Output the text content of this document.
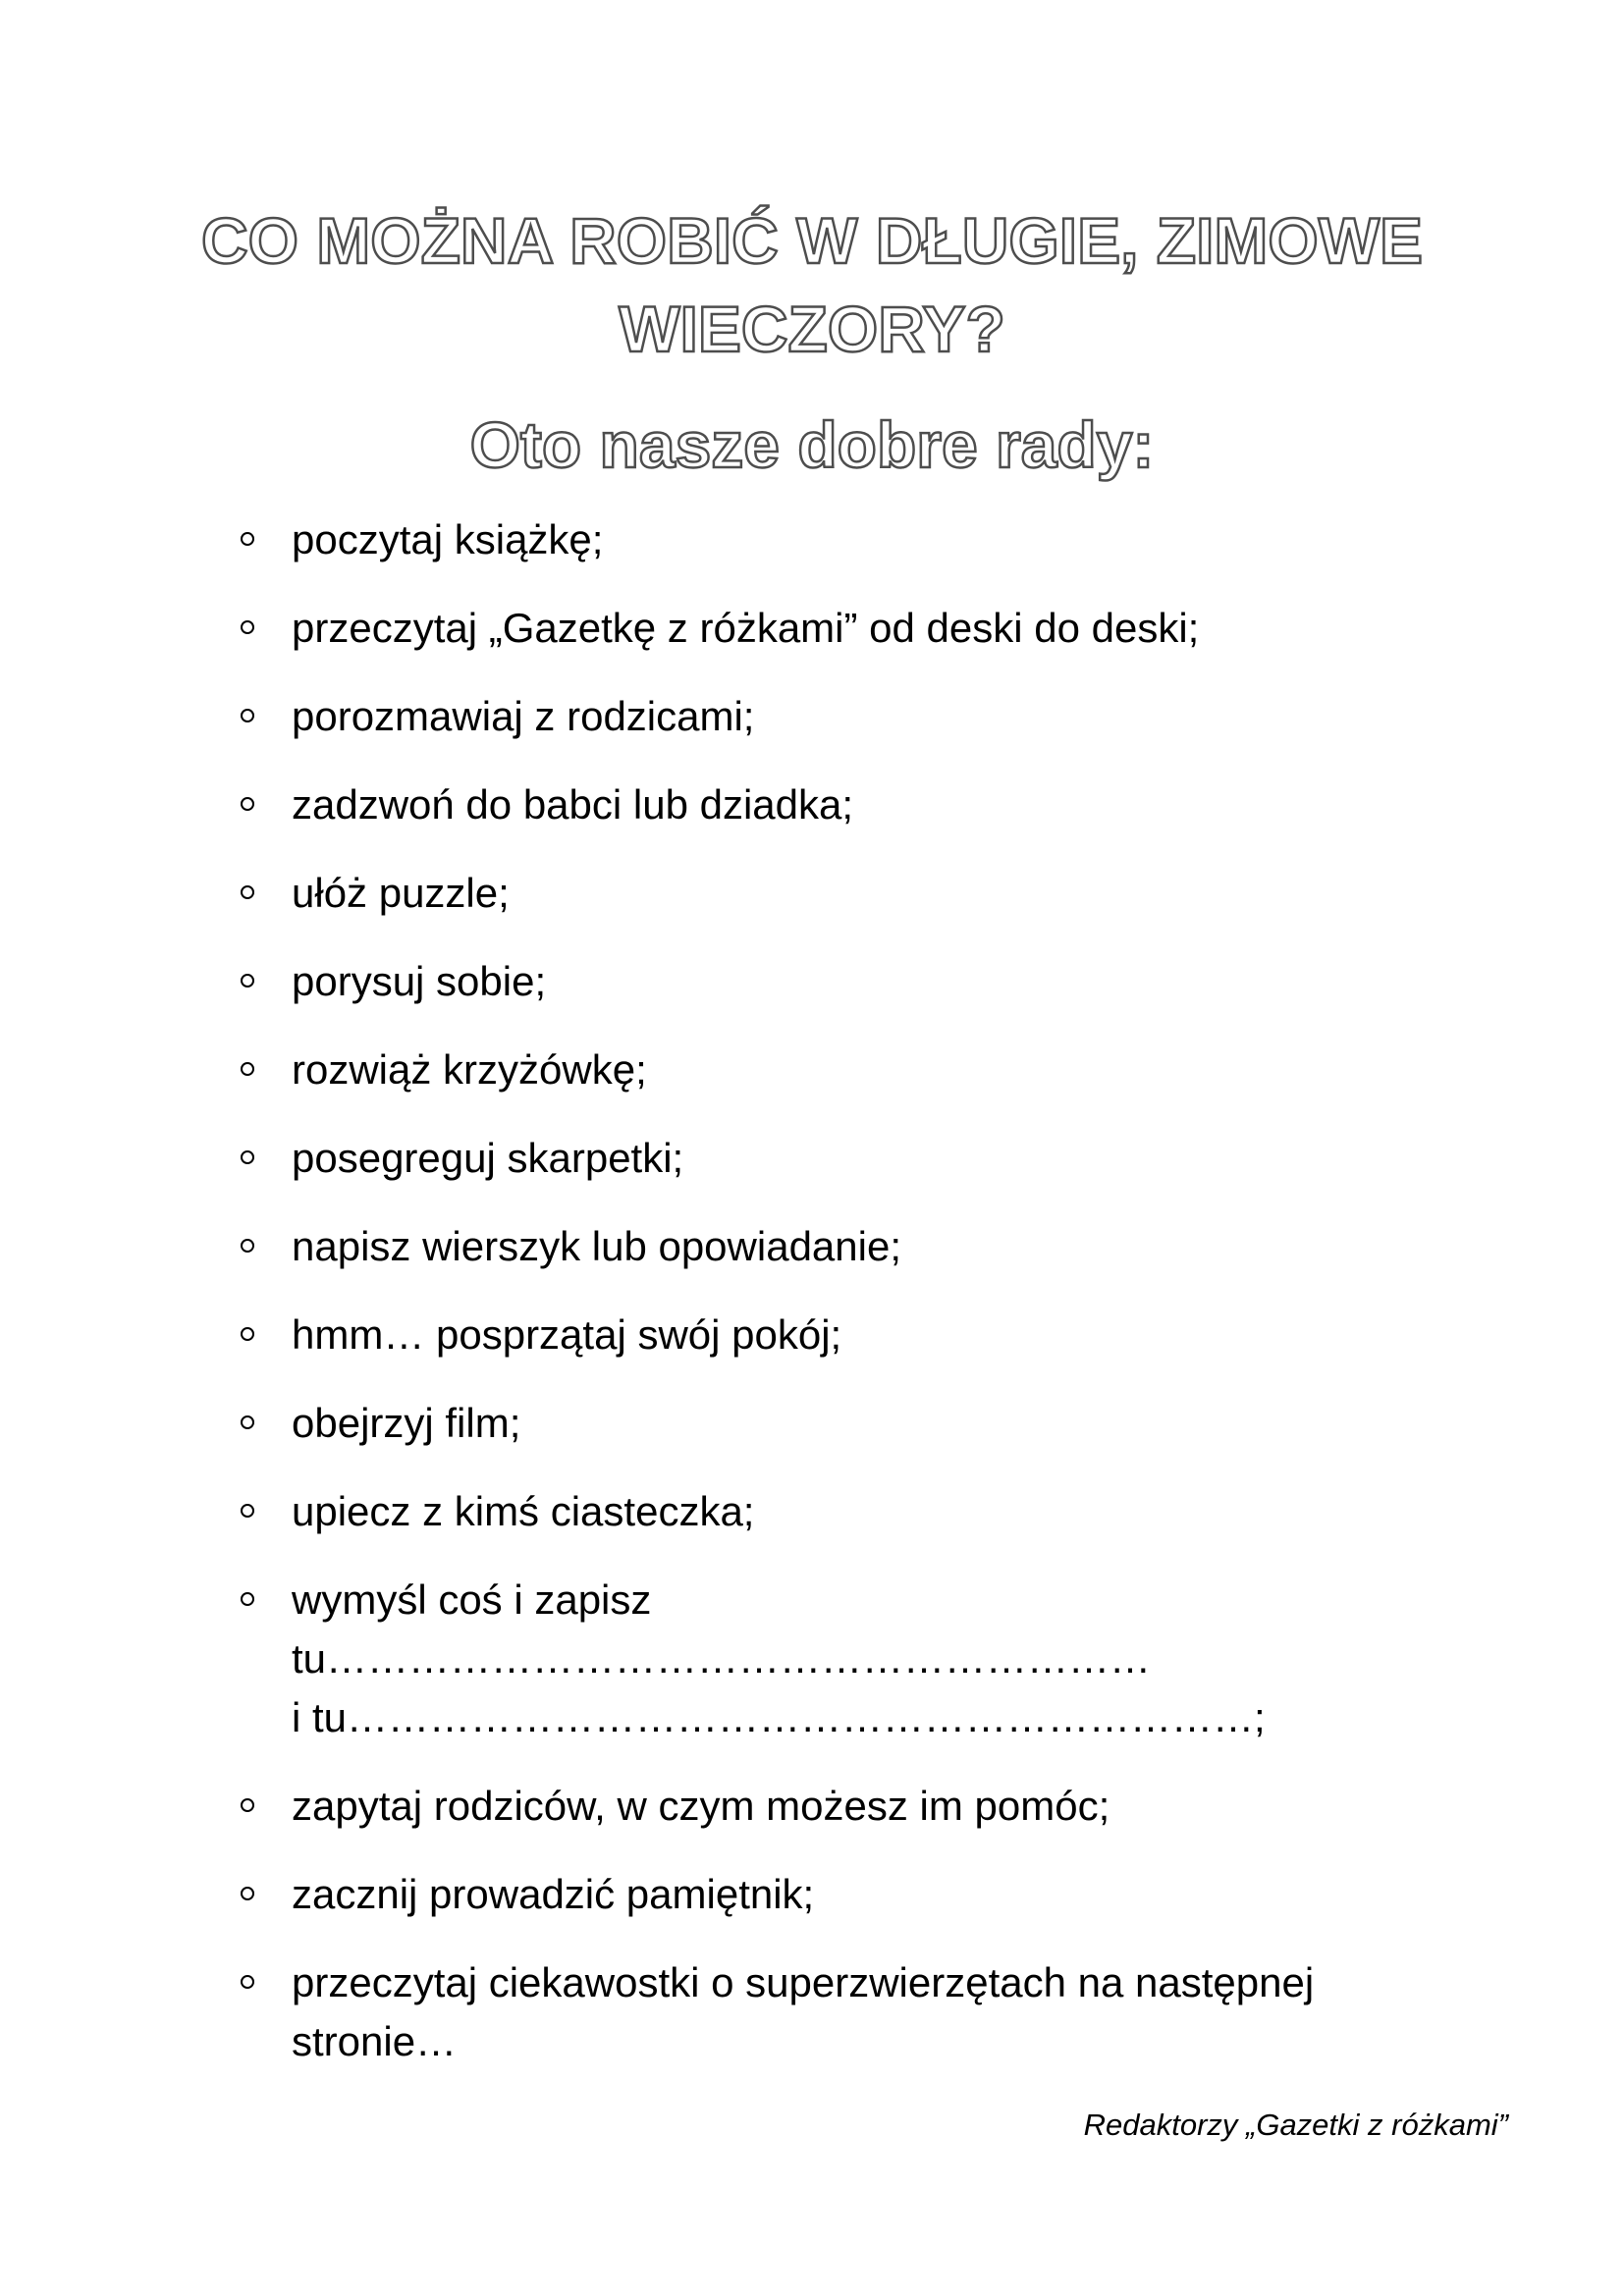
CO MOŻNA ROBIĆ W DŁUGIE, ZIMOWE
WIECZORY?
Oto nasze dobre rady:
poczytaj książkę;
przeczytaj „Gazetkę z różkami” od deski do deski;
porozmawiaj z rodzicami;
zadzwoń do babci lub dziadka;
ułóż puzzle;
porysuj sobie;
rozwiąż krzyżówkę;
posegreguj skarpetki;
napisz wierszyk lub opowiadanie;
hmm… posprzątaj swój pokój;
obejrzyj film;
upiecz z kimś ciasteczka;
wymyśl coś i zapisz
tu……………………………………………………
i tu…………………………………………………………;
zapytaj rodziców, w czym możesz im pomóc;
zacznij prowadzić pamiętnik;
przeczytaj ciekawostki o superzwierzętach na następnej
stronie…

Redaktorzy „Gazetki z różkami”
